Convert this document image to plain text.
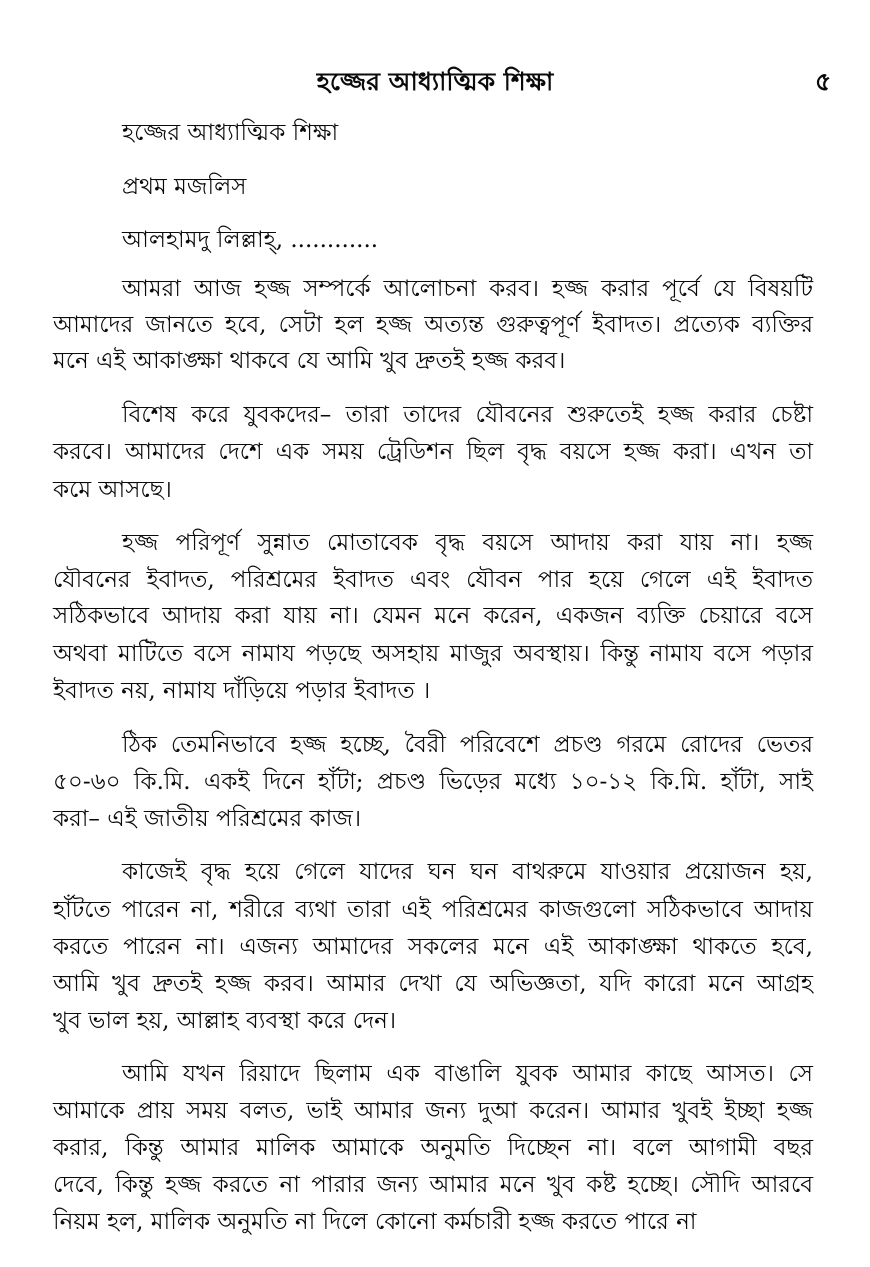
হজ্জের আধ্যাত্মিক শিক্ষা	৫

হজ্জের আধ্যাত্মিক শিক্ষা

প্রথম মজলিস

আলহামদু লিল্লাহ্‌, ............

আমরা আজ হজ্জ সম্পর্কে আলোচনা করব। হজ্জ করার পূর্বে যে বিষয়টি

আমাদের জানতে হবে, সেটা হল হজ্জ অত্যন্ত গুরুত্বপূর্ণ ইবাদত। প্রত্যেক ব্যক্তির

মনে এই আকাঙ্ক্ষা থাকবে যে আমি খুব দ্রুতই হজ্জ করব।

বিশেষ করে যুবকদের– তারা তাদের যৌবনের শুরুতেই হজ্জ করার চেষ্টা

করবে। আমাদের দেশে এক সময় ট্রেডিশন ছিল বৃদ্ধ বয়সে হজ্জ করা। এখন তা

কমে আসছে।

হজ্জ পরিপূর্ণ সুন্নাত মোতাবেক বৃদ্ধ বয়সে আদায় করা যায় না। হজ্জ

যৌবনের ইবাদত, পরিশ্রমের ইবাদত এবং যৌবন পার হয়ে গেলে এই ইবাদত

সঠিকভাবে আদায় করা যায় না। যেমন মনে করেন, একজন ব্যক্তি চেয়ারে বসে

অথবা মাটিতে বসে নামায পড়ছে অসহায় মাজুর অবস্থায়। কিন্তু নামায বসে পড়ার

ইবাদত নয়, নামায দাঁড়িয়ে পড়ার ইবাদত ।

ঠিক তেমনিভাবে হজ্জ হচ্ছে, বৈরী পরিবেশে প্রচণ্ড গরমে রোদের ভেতর

৫০-৬০ কি.মি. একই দিনে হাঁটা; প্রচণ্ড ভিড়ের মধ্যে ১০-১২ কি.মি. হাঁটা, সাই

করা– এই জাতীয় পরিশ্রমের কাজ।

কাজেই বৃদ্ধ হয়ে গেলে যাদের ঘন ঘন বাথরুমে যাওয়ার প্রয়োজন হয়,

হাঁটতে পারেন না, শরীরে ব্যথা তারা এই পরিশ্রমের কাজগুলো সঠিকভাবে আদায়

করতে পারেন না। এজন্য আমাদের সকলের মনে এই আকাঙ্ক্ষা থাকতে হবে,

আমি খুব দ্রুতই হজ্জ করব। আমার দেখা যে অভিজ্ঞতা, যদি কারো মনে আগ্রহ

খুব ভাল হয়, আল্লাহ ব্যবস্থা করে দেন।

আমি যখন রিয়াদে ছিলাম এক বাঙালি যুবক আমার কাছে আসত। সে

আমাকে প্রায় সময় বলত, ভাই আমার জন্য দুআ করেন। আমার খুবই ইচ্ছা হজ্জ

করার, কিন্তু আমার মালিক আমাকে অনুমতি দিচ্ছেন না। বলে আগামী বছর

দেবে, কিন্তু হজ্জ করতে না পারার জন্য আমার মনে খুব কষ্ট হচ্ছে। সৌদি আরবে

নিয়ম হল, মালিক অনুমতি না দিলে কোনো কর্মচারী হজ্জ করতে পারে না
